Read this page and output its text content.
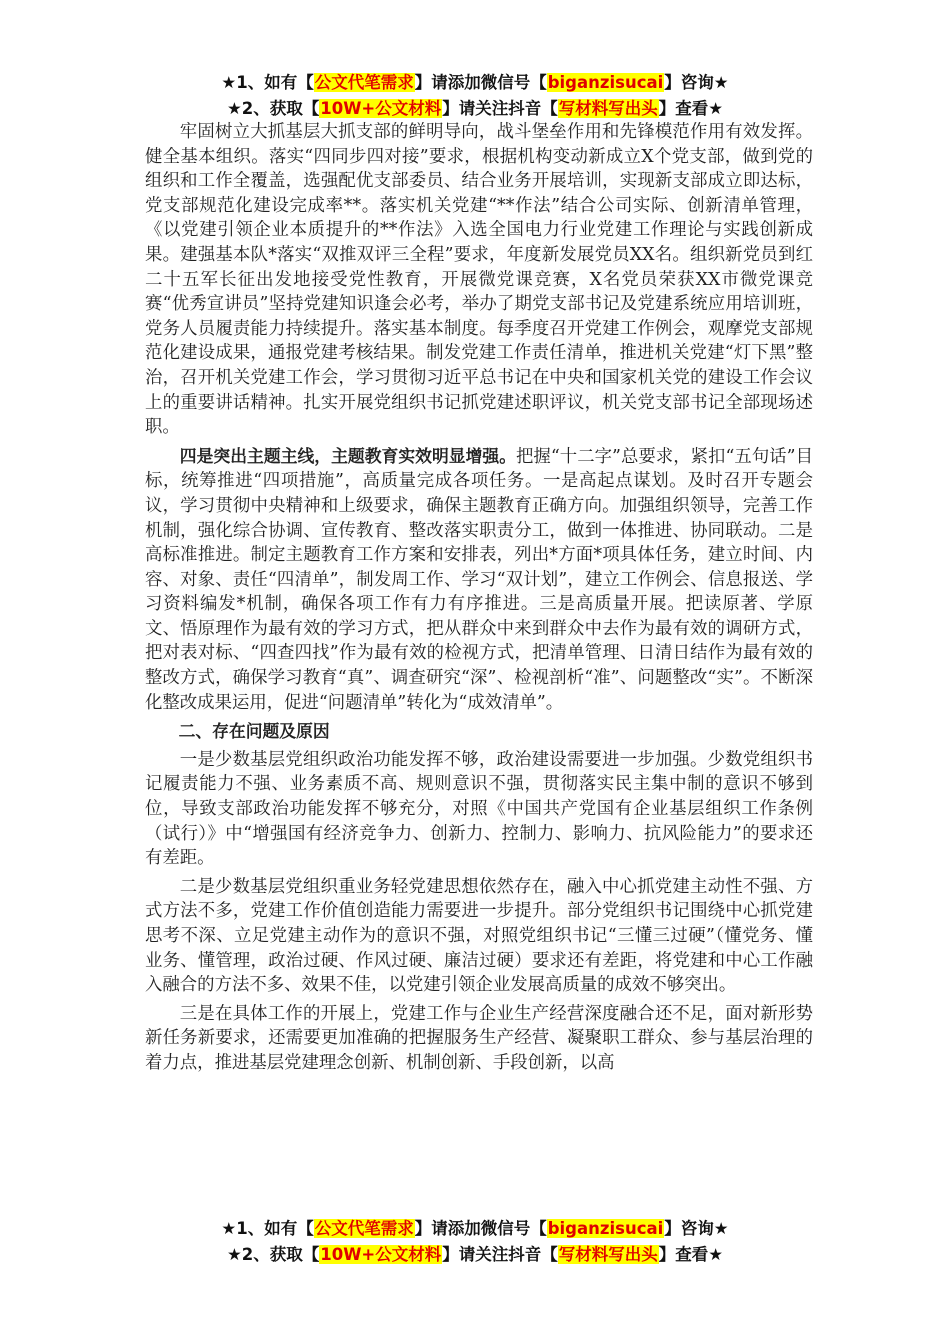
★1、如有【公文代笔需求】请添加微信号【biganzisucai】咨询★
★2、获取【10W+公文材料】请关注抖音【写材料写出头】查看★

牢固树立大抓基层大抓支部的鲜明导向，战斗堡垒作用和先锋模范作用有效发挥。健全基本组织。落实“四同步四对接”要求，根据机构变动新成立X个党支部，做到党的组织和工作全覆盖，选强配优支部委员、结合业务开展培训，实现新支部成立即达标，党支部规范化建设完成率**。落实机关党建“**作法”结合公司实际、创新清单管理，《以党建引领企业本质提升的**作法》入选全国电力行业党建工作理论与实践创新成果。建强基本队*落实“双推双评三全程”要求，年度新发展党员XX名。组织新党员到红二十五军长征出发地接受党性教育，开展微党课竞赛，X名党员荣获XX市微党课竞赛“优秀宣讲员”坚持党建知识逢会必考，举办了期党支部书记及党建系统应用培训班，党务人员履责能力持续提升。落实基本制度。每季度召开党建工作例会，观摩党支部规范化建设成果，通报党建考核结果。制发党建工作责任清单，推进机关党建“灯下黑”整治，召开机关党建工作会，学习贯彻习近平总书记在中央和国家机关党的建设工作会议上的重要讲话精神。扎实开展党组织书记抓党建述职评议，机关党支部书记全部现场述职。

四是突出主题主线，主题教育实效明显增强。把握“十二字”总要求，紧扣“五句话”目标，统筹推进“四项措施”，高质量完成各项任务。一是高起点谋划。及时召开专题会议，学习贯彻中央精神和上级要求，确保主题教育正确方向。加强组织领导，完善工作机制，强化综合协调、宣传教育、整改落实职责分工，做到一体推进、协同联动。二是高标准推进。制定主题教育工作方案和安排表，列出*方面*项具体任务，建立时间、内容、对象、责任“四清单”，制发周工作、学习“双计划”，建立工作例会、信息报送、学习资料编发*机制，确保各项工作有力有序推进。三是高质量开展。把读原著、学原文、悟原理作为最有效的学习方式，把从群众中来到群众中去作为最有效的调研方式，把对表对标、“四查四找”作为最有效的检视方式，把清单管理、日清日结作为最有效的整改方式，确保学习教育“真”、调查研究“深”、检视剖析“准”、问题整改“实”。不断深化整改成果运用，促进“问题清单”转化为“成效清单”。

二、存在问题及原因

一是少数基层党组织政治功能发挥不够，政治建设需要进一步加强。少数党组织书记履责能力不强、业务素质不高、规则意识不强，贯彻落实民主集中制的意识不够到位，导致支部政治功能发挥不够充分，对照《中国共产党国有企业基层组织工作条例（试行）》中“增强国有经济竞争力、创新力、控制力、影响力、抗风险能力”的要求还有差距。

二是少数基层党组织重业务轻党建思想依然存在，融入中心抓党建主动性不强、方式方法不多，党建工作价值创造能力需要进一步提升。部分党组织书记围绕中心抓党建思考不深、立足党建主动作为的意识不强，对照党组织书记“三懂三过硬”（懂党务、懂业务、懂管理，政治过硬、作风过硬、廉洁过硬）要求还有差距，将党建和中心工作融入融合的方法不多、效果不佳，以党建引领企业发展高质量的成效不够突出。

三是在具体工作的开展上，党建工作与企业生产经营深度融合还不足，面对新形势新任务新要求，还需要更加准确的把握服务生产经营、凝聚职工群众、参与基层治理的着力点，推进基层党建理念创新、机制创新、手段创新，以高

★1、如有【公文代笔需求】请添加微信号【biganzisucai】咨询★
★2、获取【10W+公文材料】请关注抖音【写材料写出头】查看★
